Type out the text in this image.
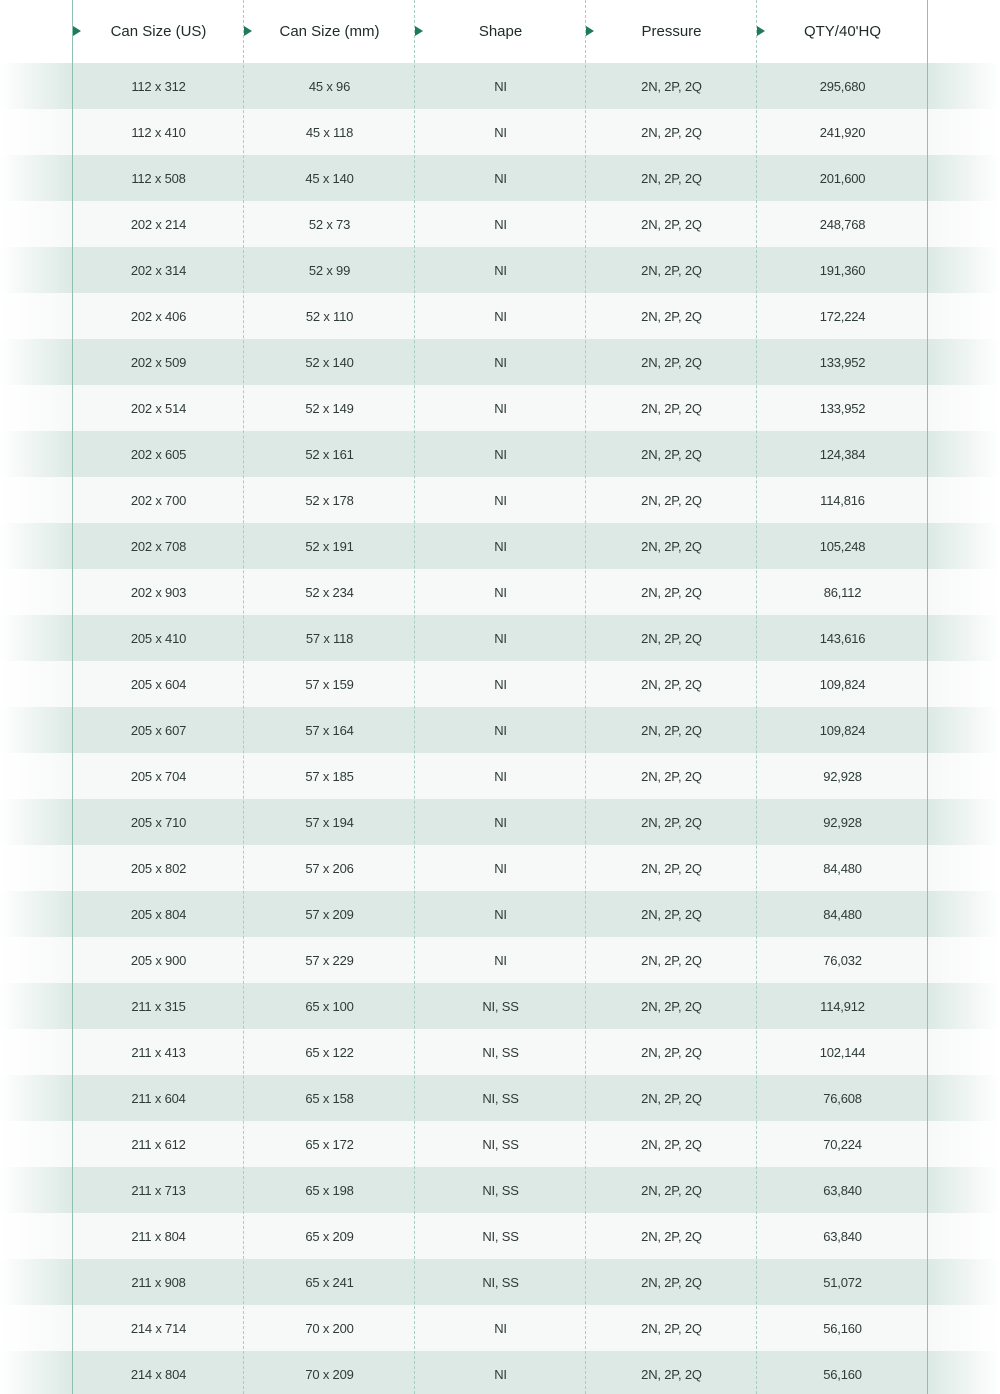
Can Size (US)	Can Size (mm)	Shape	Pressure	QTY/40'HQ
112 x 312	45 x 96	NI	2N, 2P, 2Q	295,680
112 x 410	45 x 118	NI	2N, 2P, 2Q	241,920
112 x 508	45 x 140	NI	2N, 2P, 2Q	201,600
202 x 214	52 x 73	NI	2N, 2P, 2Q	248,768
202 x 314	52 x 99	NI	2N, 2P, 2Q	191,360
202 x 406	52 x 110	NI	2N, 2P, 2Q	172,224
202 x 509	52 x 140	NI	2N, 2P, 2Q	133,952
202 x 514	52 x 149	NI	2N, 2P, 2Q	133,952
202 x 605	52 x 161	NI	2N, 2P, 2Q	124,384
202 x 700	52 x 178	NI	2N, 2P, 2Q	114,816
202 x 708	52 x 191	NI	2N, 2P, 2Q	105,248
202 x 903	52 x 234	NI	2N, 2P, 2Q	86,112
205 x 410	57 x 118	NI	2N, 2P, 2Q	143,616
205 x 604	57 x 159	NI	2N, 2P, 2Q	109,824
205 x 607	57 x 164	NI	2N, 2P, 2Q	109,824
205 x 704	57 x 185	NI	2N, 2P, 2Q	92,928
205 x 710	57 x 194	NI	2N, 2P, 2Q	92,928
205 x 802	57 x 206	NI	2N, 2P, 2Q	84,480
205 x 804	57 x 209	NI	2N, 2P, 2Q	84,480
205 x 900	57 x 229	NI	2N, 2P, 2Q	76,032
211 x 315	65 x 100	NI, SS	2N, 2P, 2Q	114,912
211 x 413	65 x 122	NI, SS	2N, 2P, 2Q	102,144
211 x 604	65 x 158	NI, SS	2N, 2P, 2Q	76,608
211 x 612	65 x 172	NI, SS	2N, 2P, 2Q	70,224
211 x 713	65 x 198	NI, SS	2N, 2P, 2Q	63,840
211 x 804	65 x 209	NI, SS	2N, 2P, 2Q	63,840
211 x 908	65 x 241	NI, SS	2N, 2P, 2Q	51,072
214 x 714	70 x 200	NI	2N, 2P, 2Q	56,160
214 x 804	70 x 209	NI	2N, 2P, 2Q	56,160
